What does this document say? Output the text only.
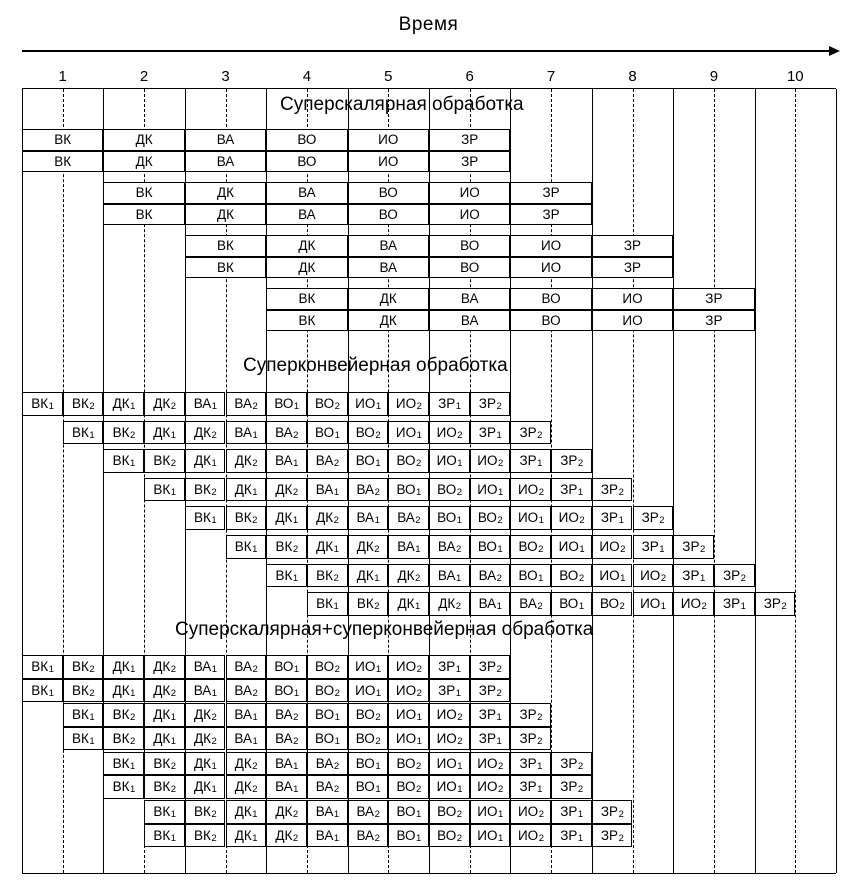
Время
Суперскалярная обработка
Суперконвейерная обработка
Суперскалярная+суперконвейерная обработка
ВК	ДК	ВА	ВО	ИО	ЗР
ВК	ДК	ВА	ВО	ИО	ЗР
ВК	ДК	ВА	ВО	ИО	ЗР
ВК	ДК	ВА	ВО	ИО	ЗР
ВК	ДК	ВА	ВО	ИО	ЗР
ВК	ДК	ВА	ВО	ИО	ЗР
ВК	ДК	ВА	ВО	ИО	ЗР
ВК	ДК	ВА	ВО	ИО	ЗР
ВК 1	ВК 2	ДК 1	ДК 2	ВА 1	ВА 2	ВО 1	ВО 2	ИО 1	ИО 2	ЗР 1	ЗР 2
ВК 1	ВК 2	ДК 1	ДК 2	ВА 1	ВА 2	ВО 1	ВО 2	ИО 1	ИО 2	ЗР 1	ЗР 2
ВК 1	ВК 2	ДК 1	ДК 2	ВА 1	ВА 2	ВО 1	ВО 2	ИО 1	ИО 2	ЗР 1	ЗР 2
ВК 1	ВК 2	ДК 1	ДК 2	ВА 1	ВА 2	ВО 1	ВО 2	ИО 1	ИО 2	ЗР 1	ЗР 2
ВК 1	ВК 2	ДК 1	ДК 2	ВА 1	ВА 2	ВО 1	ВО 2	ИО 1	ИО 2	ЗР 1	ЗР 2
ВК 1	ВК 2	ДК 1	ДК 2	ВА 1	ВА 2	ВО 1	ВО 2	ИО 1	ИО 2	ЗР 1	ЗР 2
ВК 1	ВК 2	ДК 1	ДК 2	ВА 1	ВА 2	ВО 1	ВО 2	ИО 1	ИО 2	ЗР 1	ЗР 2
ВК 1	ВК 2	ДК 1	ДК 2	ВА 1	ВА 2	ВО 1	ВО 2	ИО 1	ИО 2	ЗР 1	ЗР 2
ВК 1	ВК 2	ДК 1	ДК 2	ВА 1	ВА 2	ВО 1	ВО 2	ИО 1	ИО 2	ЗР 1	ЗР 2
ВК 1	ВК 2	ДК 1	ДК 2	ВА 1	ВА 2	ВО 1	ВО 2	ИО 1	ИО 2	ЗР 1	ЗР 2
ВК 1	ВК 2	ДК 1	ДК 2	ВА 1	ВА 2	ВО 1	ВО 2	ИО 1	ИО 2	ЗР 1	ЗР 2
ВК 1	ВК 2	ДК 1	ДК 2	ВА 1	ВА 2	ВО 1	ВО 2	ИО 1	ИО 2	ЗР 1	ЗР 2
ВК 1	ВК 2	ДК 1	ДК 2	ВА 1	ВА 2	ВО 1	ВО 2	ИО 1	ИО 2	ЗР 1	ЗР 2
ВК 1	ВК 2	ДК 1	ДК 2	ВА 1	ВА 2	ВО 1	ВО 2	ИО 1	ИО 2	ЗР 1	ЗР 2
ВК 1	ВК 2	ДК 1	ДК 2	ВА 1	ВА 2	ВО 1	ВО 2	ИО 1	ИО 2	ЗР 1	ЗР 2
ВК 1	ВК 2	ДК 1	ДК 2	ВА 1	ВА 2	ВО 1	ВО 2	ИО 1	ИО 2	ЗР 1	ЗР 2
1	2	3	4	5	6	7	8	9	10
